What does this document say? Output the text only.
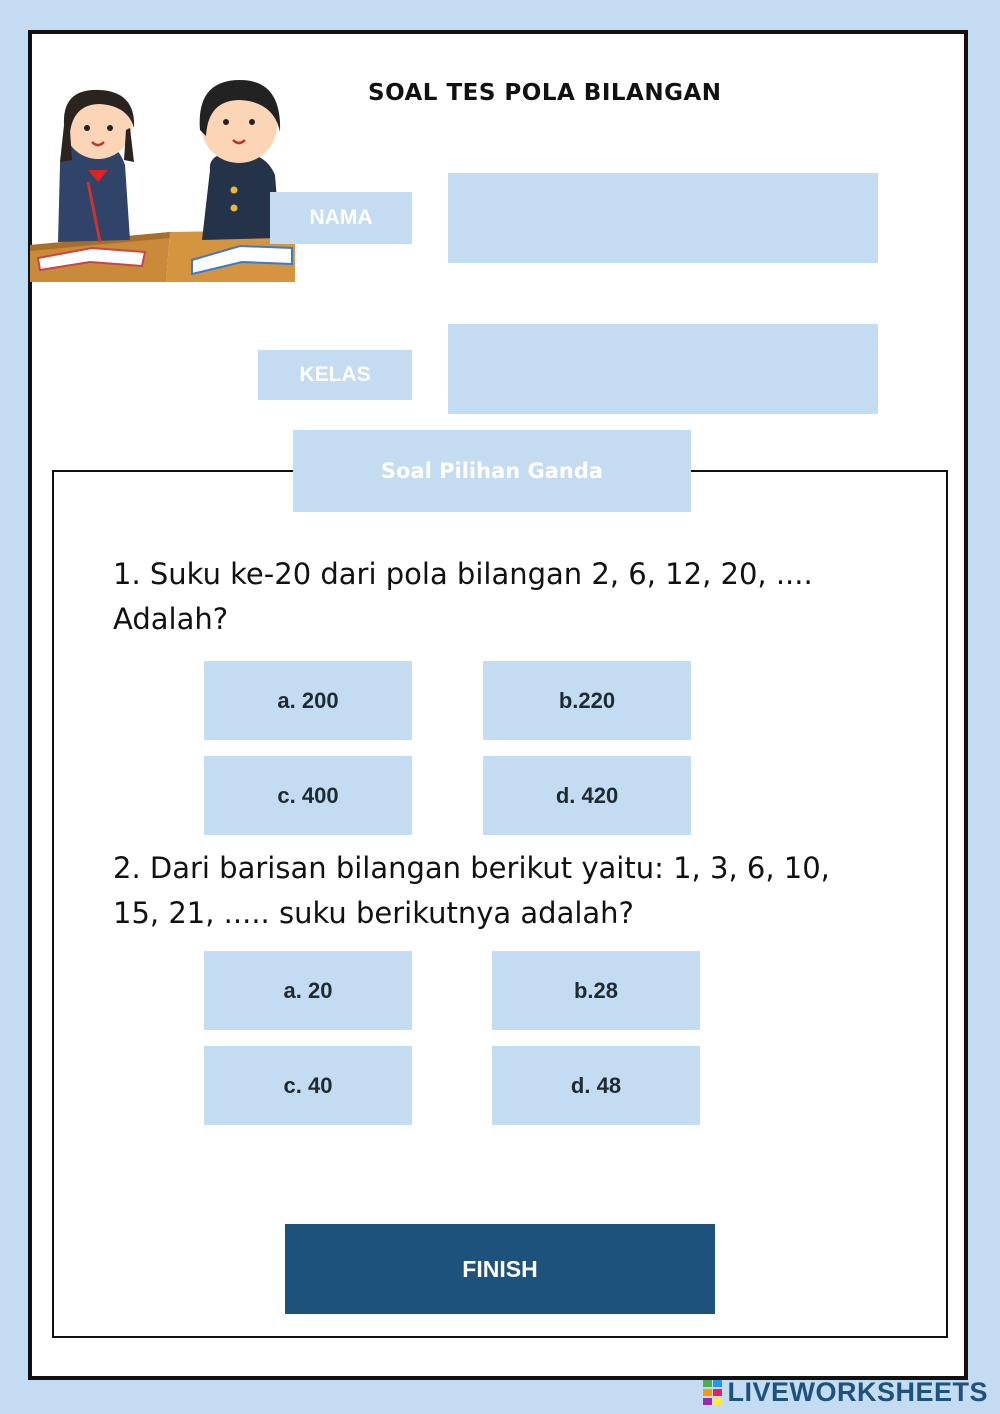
SOAL TES POLA BILANGAN
NAMA
KELAS
Soal Pilihan Ganda
1. Suku ke-20 dari pola bilangan 2, 6, 12, 20, .... Adalah?
a. 200	b.220
c. 400	d. 420
2. Dari barisan bilangan berikut yaitu: 1, 3, 6, 10, 15, 21, ..... suku berikutnya adalah?
a. 20	b.28
c. 40	d. 48
FINISH
LIVEWORKSHEETS
